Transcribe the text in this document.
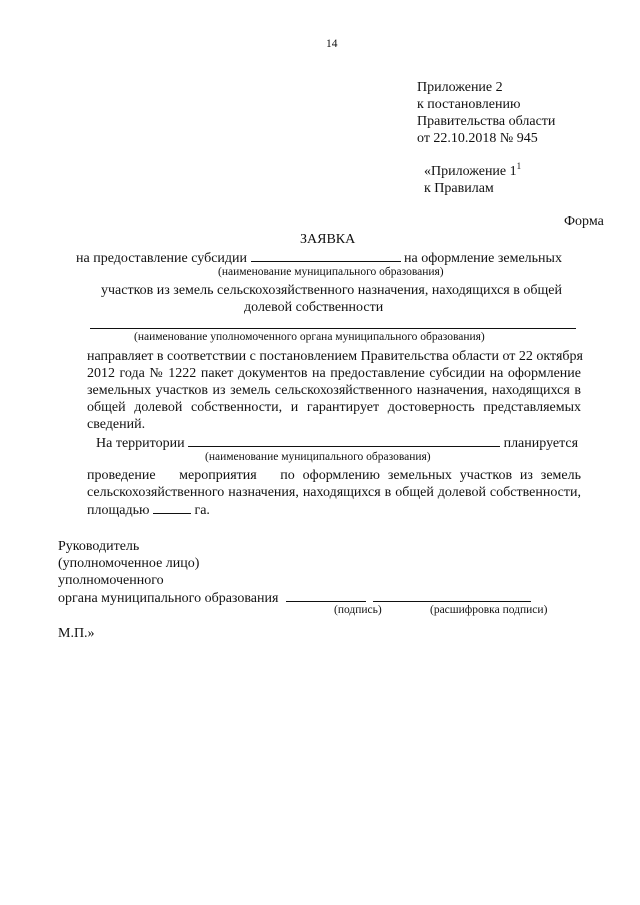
14
Приложение 2
к постановлению
Правительства области
от 22.10.2018 № 945
«Приложение $1^1$
к Правилам
Форма
ЗАЯВКА
на предоставление субсидии	на оформление земельных
(наименование муниципального образования)
участков из земель сельскохозяйственного назначения, находящихся в общей
долевой собственности
(наименование уполномоченного органа муниципального образования)
направляет в соответствии с постановлением Правительства области от 22 октября
2012 года № 1222 пакет документов на предоставление субсидии на оформление
земельных участков из земель сельскохозяйственного назначения, находящихся в
общей долевой собственности, и гарантирует достоверность представляемых
сведений.
На территории	планируется
(наименование муниципального образования)
проведение   мероприятия   по оформлению земельных участков из земель
сельскохозяйственного назначения, находящихся в общей долевой собственности,
площадью	га.
Руководитель
(уполномоченное лицо)
уполномоченного
органа муниципального образования
(подпись)	(расшифровка подписи)
М.П.»
